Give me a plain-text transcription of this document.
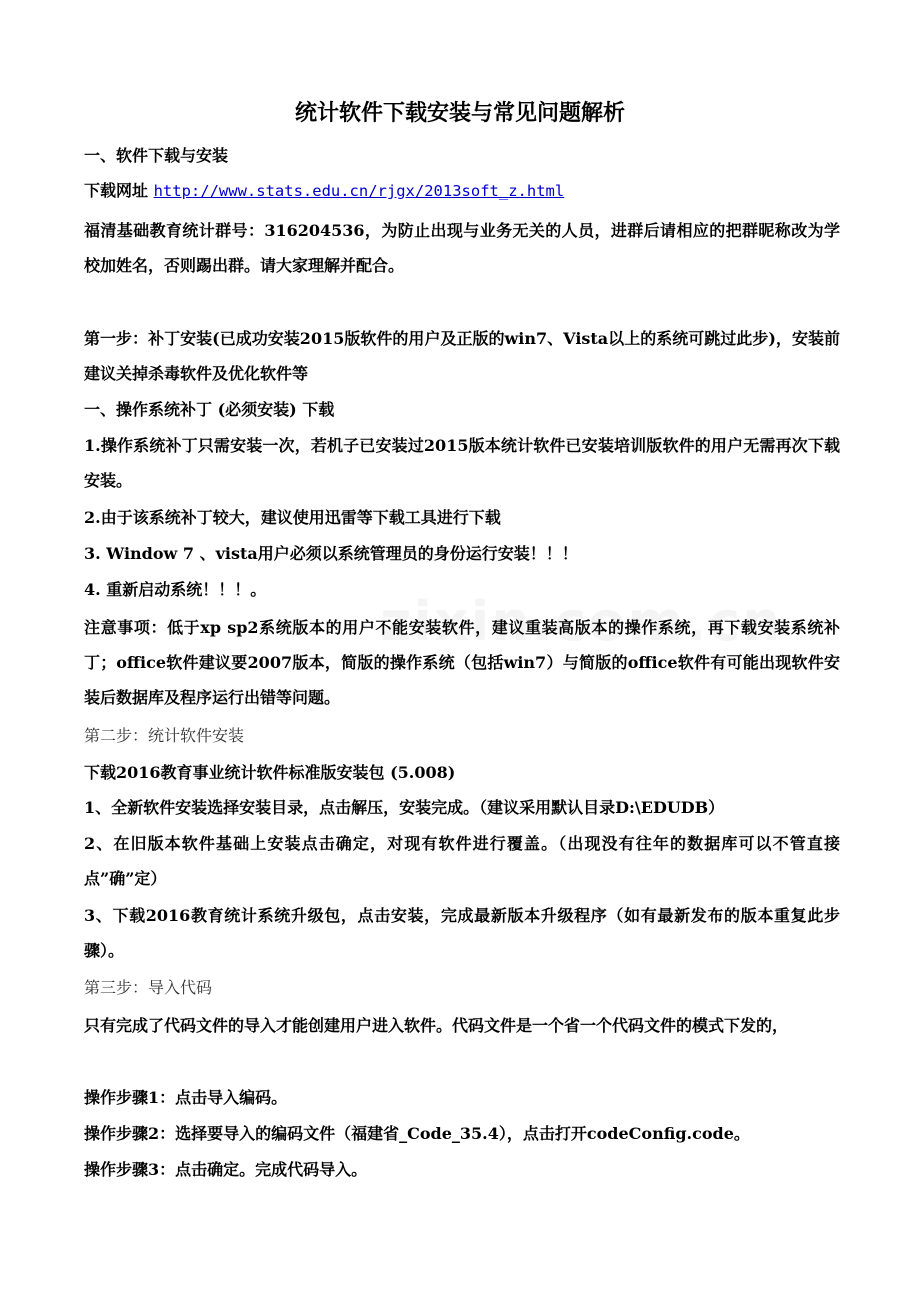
统计软件下载安装与常见问题解析
一、软件下载与安装
下载网址 http://www.stats.edu.cn/rjgx/2013soft_z.html
福清基础教育统计群号：316204536，为防止出现与业务无关的人员，进群后请相应的把群昵称改为学校加姓名，否则踢出群。请大家理解并配合。
第一步：补丁安装(已成功安装2015版软件的用户及正版的win7、Vista以上的系统可跳过此步)，安装前建议关掉杀毒软件及优化软件等
一、操作系统补丁 (必须安装) 下载
1.操作系统补丁只需安装一次，若机子已安装过2015版本统计软件已安装培训版软件的用户无需再次下载安装。
2.由于该系统补丁较大，建议使用迅雷等下载工具进行下载
3. Window 7 、vista用户必须以系统管理员的身份运行安装！！！
4. 重新启动系统！！！。
注意事项：低于xp sp2系统版本的用户不能安装软件，建议重装高版本的操作系统，再下载安装系统补丁；office软件建议要2007版本，简版的操作系统（包括win7）与简版的office软件有可能出现软件安装后数据库及程序运行出错等问题。
第二步：统计软件安装
下载2016教育事业统计软件标准版安装包 (5.008)
1、全新软件安装选择安装目录，点击解压，安装完成。（建议采用默认目录D:\EDUDB）
2、在旧版本软件基础上安装点击确定，对现有软件进行覆盖。（出现没有往年的数据库可以不管直接点”确”定）
3、下载2016教育统计系统升级包，点击安装，完成最新版本升级程序（如有最新发布的版本重复此步骤）。
第三步：导入代码
只有完成了代码文件的导入才能创建用户进入软件。代码文件是一个省一个代码文件的模式下发的，
操作步骤1：点击导入编码。
操作步骤2：选择要导入的编码文件（福建省_Code_35.4），点击打开codeConfig.code。
操作步骤3：点击确定。完成代码导入。
